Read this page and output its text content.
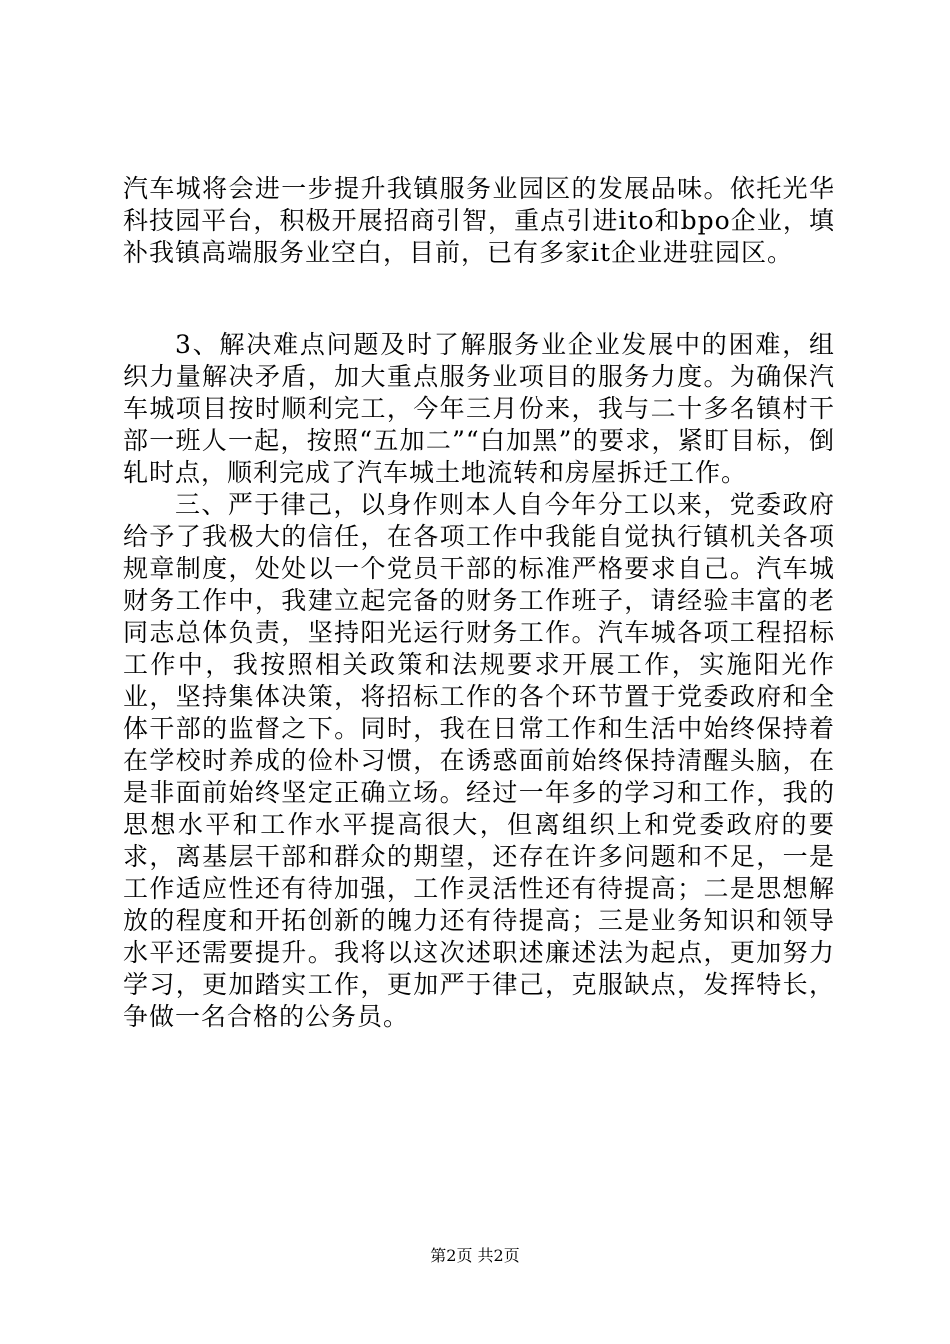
汽车城将会进一步提升我镇服务业园区的发展品味。依托光华科技园平台，积极开展招商引智，重点引进ito和bpo企业，填补我镇高端服务业空白，目前，已有多家it企业进驻园区。

3、解决难点问题及时了解服务业企业发展中的困难，组织力量解决矛盾，加大重点服务业项目的服务力度。为确保汽车城项目按时顺利完工，今年三月份来，我与二十多名镇村干部一班人一起，按照“五加二”“白加黑”的要求，紧盯目标，倒轧时点，顺利完成了汽车城土地流转和房屋拆迁工作。

三、严于律己，以身作则本人自今年分工以来，党委政府给予了我极大的信任，在各项工作中我能自觉执行镇机关各项规章制度，处处以一个党员干部的标准严格要求自己。汽车城财务工作中，我建立起完备的财务工作班子，请经验丰富的老同志总体负责，坚持阳光运行财务工作。汽车城各项工程招标工作中，我按照相关政策和法规要求开展工作，实施阳光作业，坚持集体决策，将招标工作的各个环节置于党委政府和全体干部的监督之下。同时，我在日常工作和生活中始终保持着在学校时养成的俭朴习惯，在诱惑面前始终保持清醒头脑，在是非面前始终坚定正确立场。经过一年多的学习和工作，我的思想水平和工作水平提高很大，但离组织上和党委政府的要求，离基层干部和群众的期望，还存在许多问题和不足，一是工作适应性还有待加强，工作灵活性还有待提高；二是思想解放的程度和开拓创新的魄力还有待提高；三是业务知识和领导水平还需要提升。我将以这次述职述廉述法为起点，更加努力学习，更加踏实工作，更加严于律己，克服缺点，发挥特长，争做一名合格的公务员。

第2页 共2页
